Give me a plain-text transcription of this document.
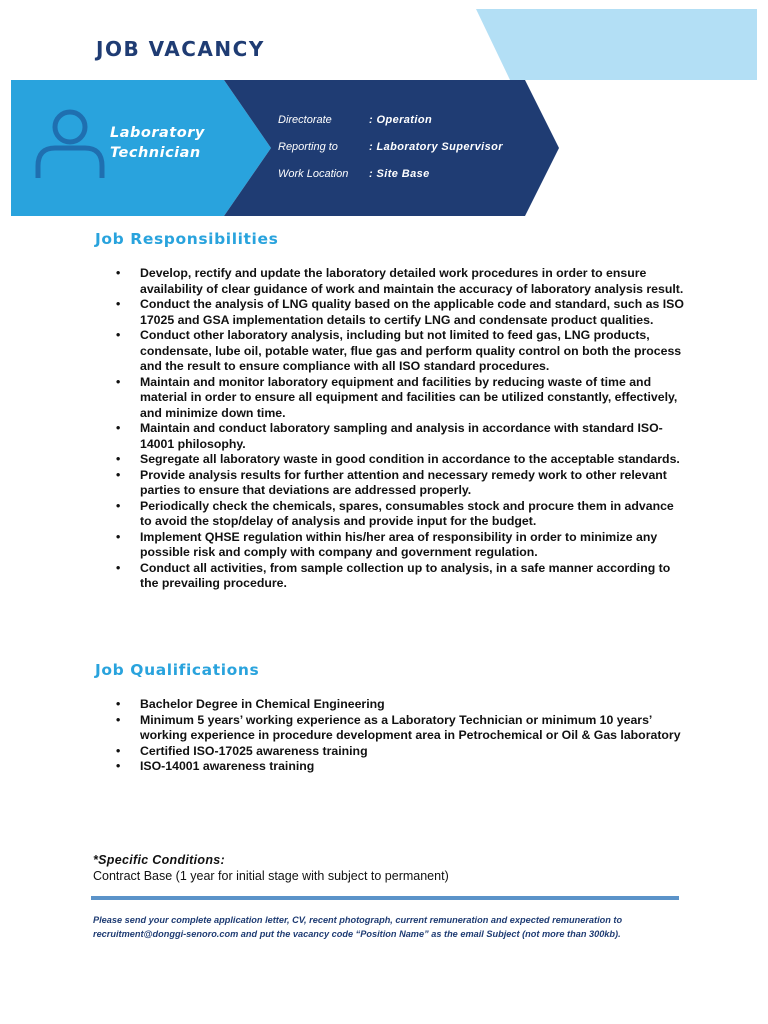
JOB VACANCY
Laboratory
Technician
Directorate	: Operation
Reporting to	: Laboratory Supervisor
Work Location : Site Base
Job Responsibilities
• Develop, rectify and update the laboratory detailed work procedures in order to ensure availability of clear guidance of work and maintain the accuracy of laboratory analysis result.
• Conduct the analysis of LNG quality based on the applicable code and standard, such as ISO 17025 and GSA implementation details to certify LNG and condensate product qualities.
• Conduct other laboratory analysis, including but not limited to feed gas, LNG products, condensate, lube oil, potable water, flue gas and perform quality control on both the process and the result to ensure compliance with all ISO standard procedures.
• Maintain and monitor laboratory equipment and facilities by reducing waste of time and material in order to ensure all equipment and facilities can be utilized constantly, effectively, and minimize down time.
• Maintain and conduct laboratory sampling and analysis in accordance with standard ISO-14001 philosophy.
• Segregate all laboratory waste in good condition in accordance to the acceptable standards.
• Provide analysis results for further attention and necessary remedy work to other relevant parties to ensure that deviations are addressed properly.
• Periodically check the chemicals, spares, consumables stock and procure them in advance to avoid the stop/delay of analysis and provide input for the budget.
• Implement QHSE regulation within his/her area of responsibility in order to minimize any possible risk and comply with company and government regulation.
• Conduct all activities, from sample collection up to analysis, in a safe manner according to the prevailing procedure.
Job Qualifications
• Bachelor Degree in Chemical Engineering
• Minimum 5 years’ working experience as a Laboratory Technician or minimum 10 years’ working experience in procedure development area in Petrochemical or Oil & Gas laboratory
• Certified ISO-17025 awareness training
• ISO-14001 awareness training
*Specific Conditions:
Contract Base (1 year for initial stage with subject to permanent)
Please send your complete application letter, CV, recent photograph, current remuneration and expected remuneration to recruitment@donggi-senoro.com and put the vacancy code “Position Name” as the email Subject (not more than 300kb).
